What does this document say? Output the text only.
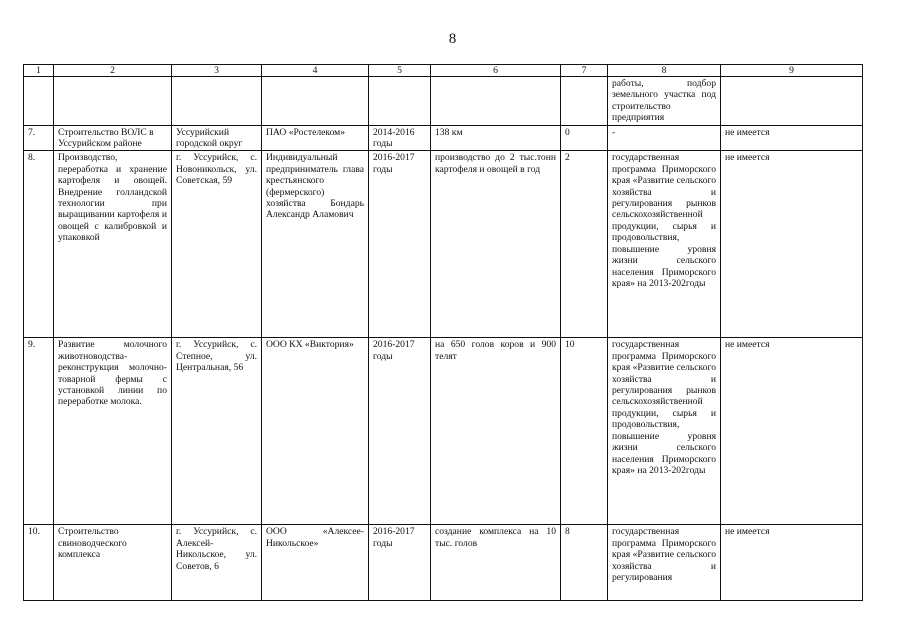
8
1	2	3	4	5	6	7	8	9
							работы, подбор земельного участка под строительство предприятия	
7.	Строительство ВОЛС в Уссурийском районе	Уссурийский городской округ	ПАО «Ростелеком»	2014-2016 годы	138 км	0	-	не имеется
8.	Производство, переработка и хранение картофеля и овощей. Внедрение голландской технологии при выращивании картофеля и овощей с калибровкой и упаковкой	г. Уссурийск, с. Новоникольск, ул. Советская, 59	Индивидуальный предприниматель глава крестьянского (фермерского) хозяйства Бондарь Александр Аламович	2016-2017 годы	производство до 2 тыс.тонн картофеля и овощей в год	2	государственная программа Приморского края «Развитие сельского хозяйства и регулирования рынков сельскохозяйственной продукции, сырья и продовольствия, повышение уровня жизни сельского населения Приморского края» на 2013-202годы	не имеется
9.	Развитие молочного животноводства-реконструкция молочно-товарной фермы с установкой линии по переработке молока.	г. Уссурийск, с. Степное, ул. Центральная, 56	ООО КХ «Виктория»	2016-2017 годы	на 650 голов коров и 900 телят	10	государственная программа Приморского края «Развитие сельского хозяйства и регулирования рынков сельскохозяйственной продукции, сырья и продовольствия, повышение уровня жизни сельского населения Приморского края» на 2013-202годы	не имеется
10.	Строительство свиноводческого комплекса	г. Уссурийск, с. Алексей-Никольское, ул. Советов, 6	ООО «Алексее-Никольское»	2016-2017 годы	создание комплекса на 10 тыс. голов	8	государственная программа Приморского края «Развитие сельского хозяйства и регулирования	не имеется
